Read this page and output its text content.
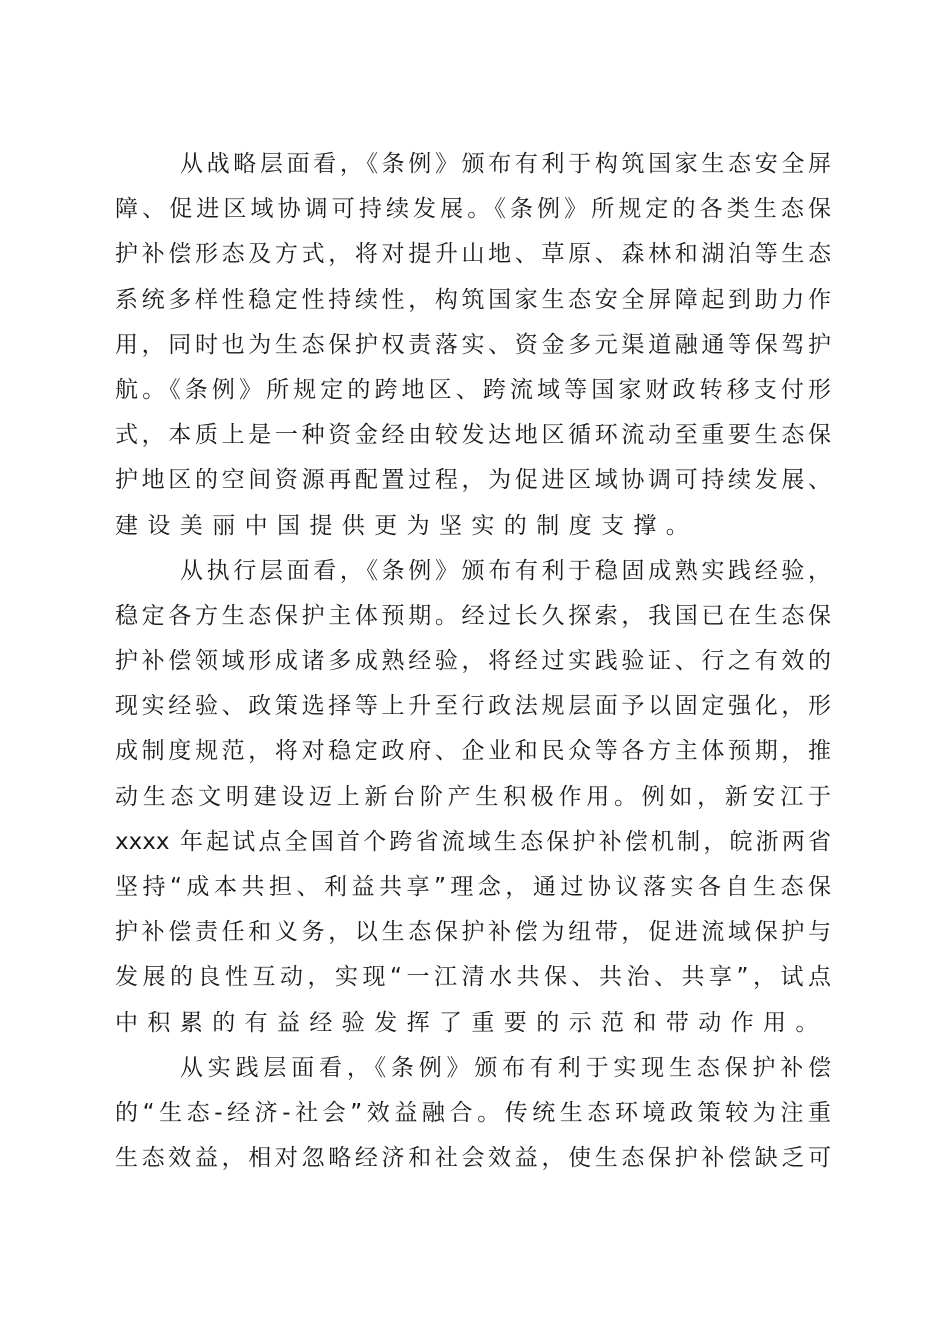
从战略层面看，《条例》颁布有利于构筑国家生态安全屏
障、促进区域协调可持续发展。《条例》所规定的各类生态保
护补偿形态及方式，将对提升山地、草原、森林和湖泊等生态
系统多样性稳定性持续性，构筑国家生态安全屏障起到助力作
用，同时也为生态保护权责落实、资金多元渠道融通等保驾护
航。《条例》所规定的跨地区、跨流域等国家财政转移支付形
式，本质上是一种资金经由较发达地区循环流动至重要生态保
护地区的空间资源再配置过程，为促进区域协调可持续发展、
建设美丽中国提供更为坚实的制度支撑。
从执行层面看，《条例》颁布有利于稳固成熟实践经验，
稳定各方生态保护主体预期。经过长久探索，我国已在生态保
护补偿领域形成诸多成熟经验，将经过实践验证、行之有效的
现实经验、政策选择等上升至行政法规层面予以固定强化，形
成制度规范，将对稳定政府、企业和民众等各方主体预期，推
动生态文明建设迈上新台阶产生积极作用。例如，新安江于
xxxx 年起试点全国首个跨省流域生态保护补偿机制，皖浙两省
坚持“成本共担、利益共享”理念，通过协议落实各自生态保
护补偿责任和义务，以生态保护补偿为纽带，促进流域保护与
发展的良性互动，实现“一江清水共保、共治、共享”，试点
中积累的有益经验发挥了重要的示范和带动作用。
从实践层面看，《条例》颁布有利于实现生态保护补偿
的“生态-经济-社会”效益融合。传统生态环境政策较为注重
生态效益，相对忽略经济和社会效益，使生态保护补偿缺乏可
